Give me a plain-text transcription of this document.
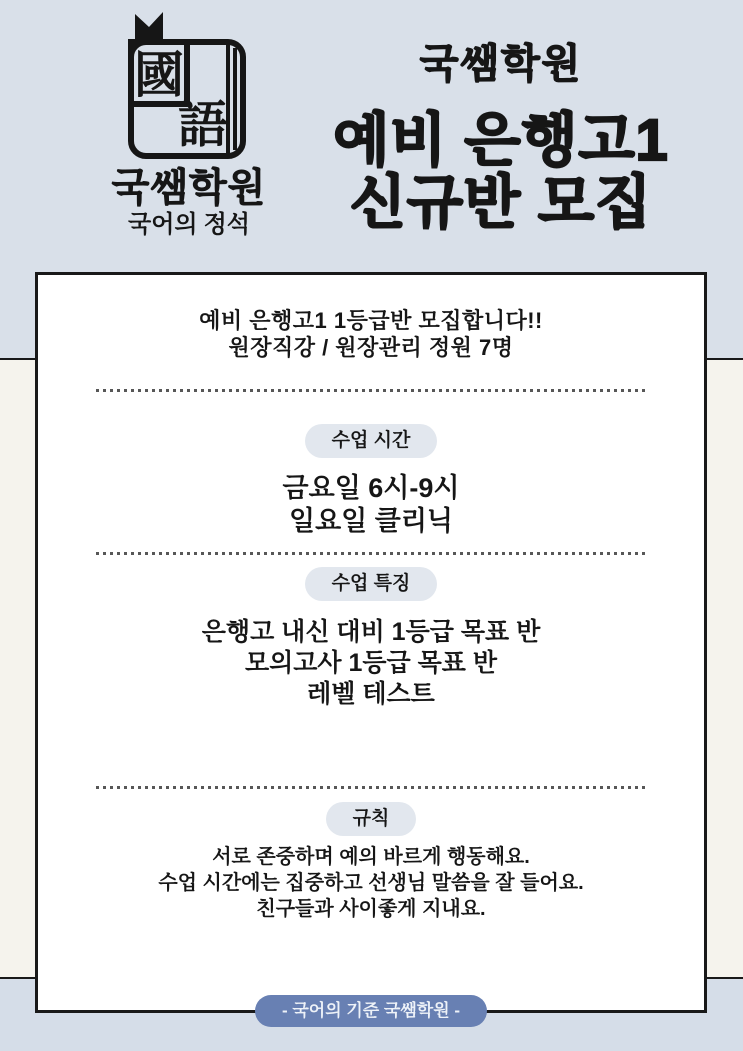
國
語
국쌤학원
국어의 정석
국쌤학원
예비 은행고1
신규반 모집
예비 은행고1 1등급반 모집합니다!!
원장직강 / 원장관리 정원 7명
수업 시간
금요일 6시-9시
일요일 클리닉
수업 특징
은행고 내신 대비 1등급 목표 반
모의고사 1등급 목표 반
레벨 테스트
규칙
서로 존중하며 예의 바르게 행동해요.
수업 시간에는 집중하고 선생님 말씀을 잘 들어요.
친구들과 사이좋게 지내요.
- 국어의 기준 국쌤학원 -
